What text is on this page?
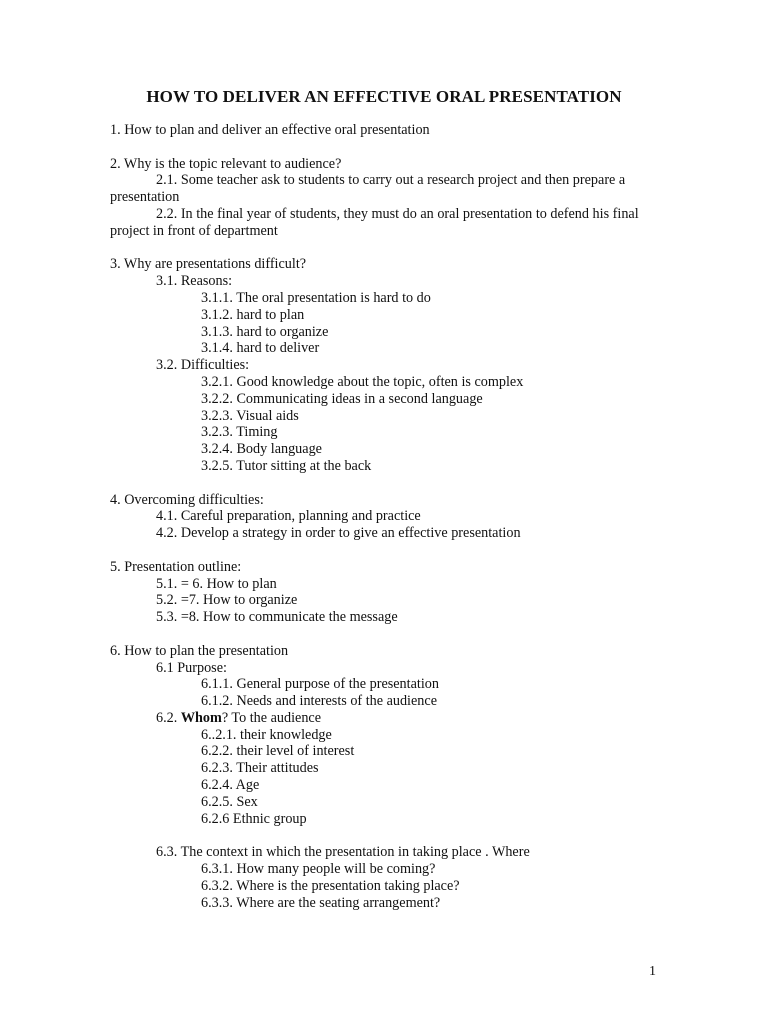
HOW TO DELIVER AN EFFECTIVE ORAL PRESENTATION
1. How to plan and deliver an effective oral presentation
2. Why is the topic relevant to audience?
2.1. Some teacher ask to students to carry out a research project and then prepare a presentation
2.2. In the final year of students, they must do an oral presentation to defend his final project in front of department
3. Why are presentations difficult?
3.1. Reasons:
3.1.1. The oral presentation is hard to do
3.1.2. hard to plan
3.1.3. hard to organize
3.1.4. hard to deliver
3.2. Difficulties:
3.2.1. Good knowledge about the topic, often is complex
3.2.2. Communicating ideas in a second language
3.2.3. Visual aids
3.2.3. Timing
3.2.4. Body language
3.2.5. Tutor sitting at the back
4. Overcoming difficulties:
4.1. Careful preparation, planning and practice
4.2. Develop a strategy in order to give an effective presentation
5. Presentation outline:
5.1. = 6. How to plan
5.2. =7. How to organize
5.3. =8. How to communicate the message
6. How to plan the presentation
6.1 Purpose:
6.1.1. General purpose of the presentation
6.1.2. Needs and interests of the audience
6.2. Whom? To the audience
6..2.1. their knowledge
6.2.2. their level of interest
6.2.3. Their attitudes
6.2.4. Age
6.2.5. Sex
6.2.6 Ethnic group
6.3. The context in which the presentation in taking place . Where
6.3.1. How many people will be coming?
6.3.2. Where is the presentation taking place?
6.3.3. Where are the seating arrangement?
1
